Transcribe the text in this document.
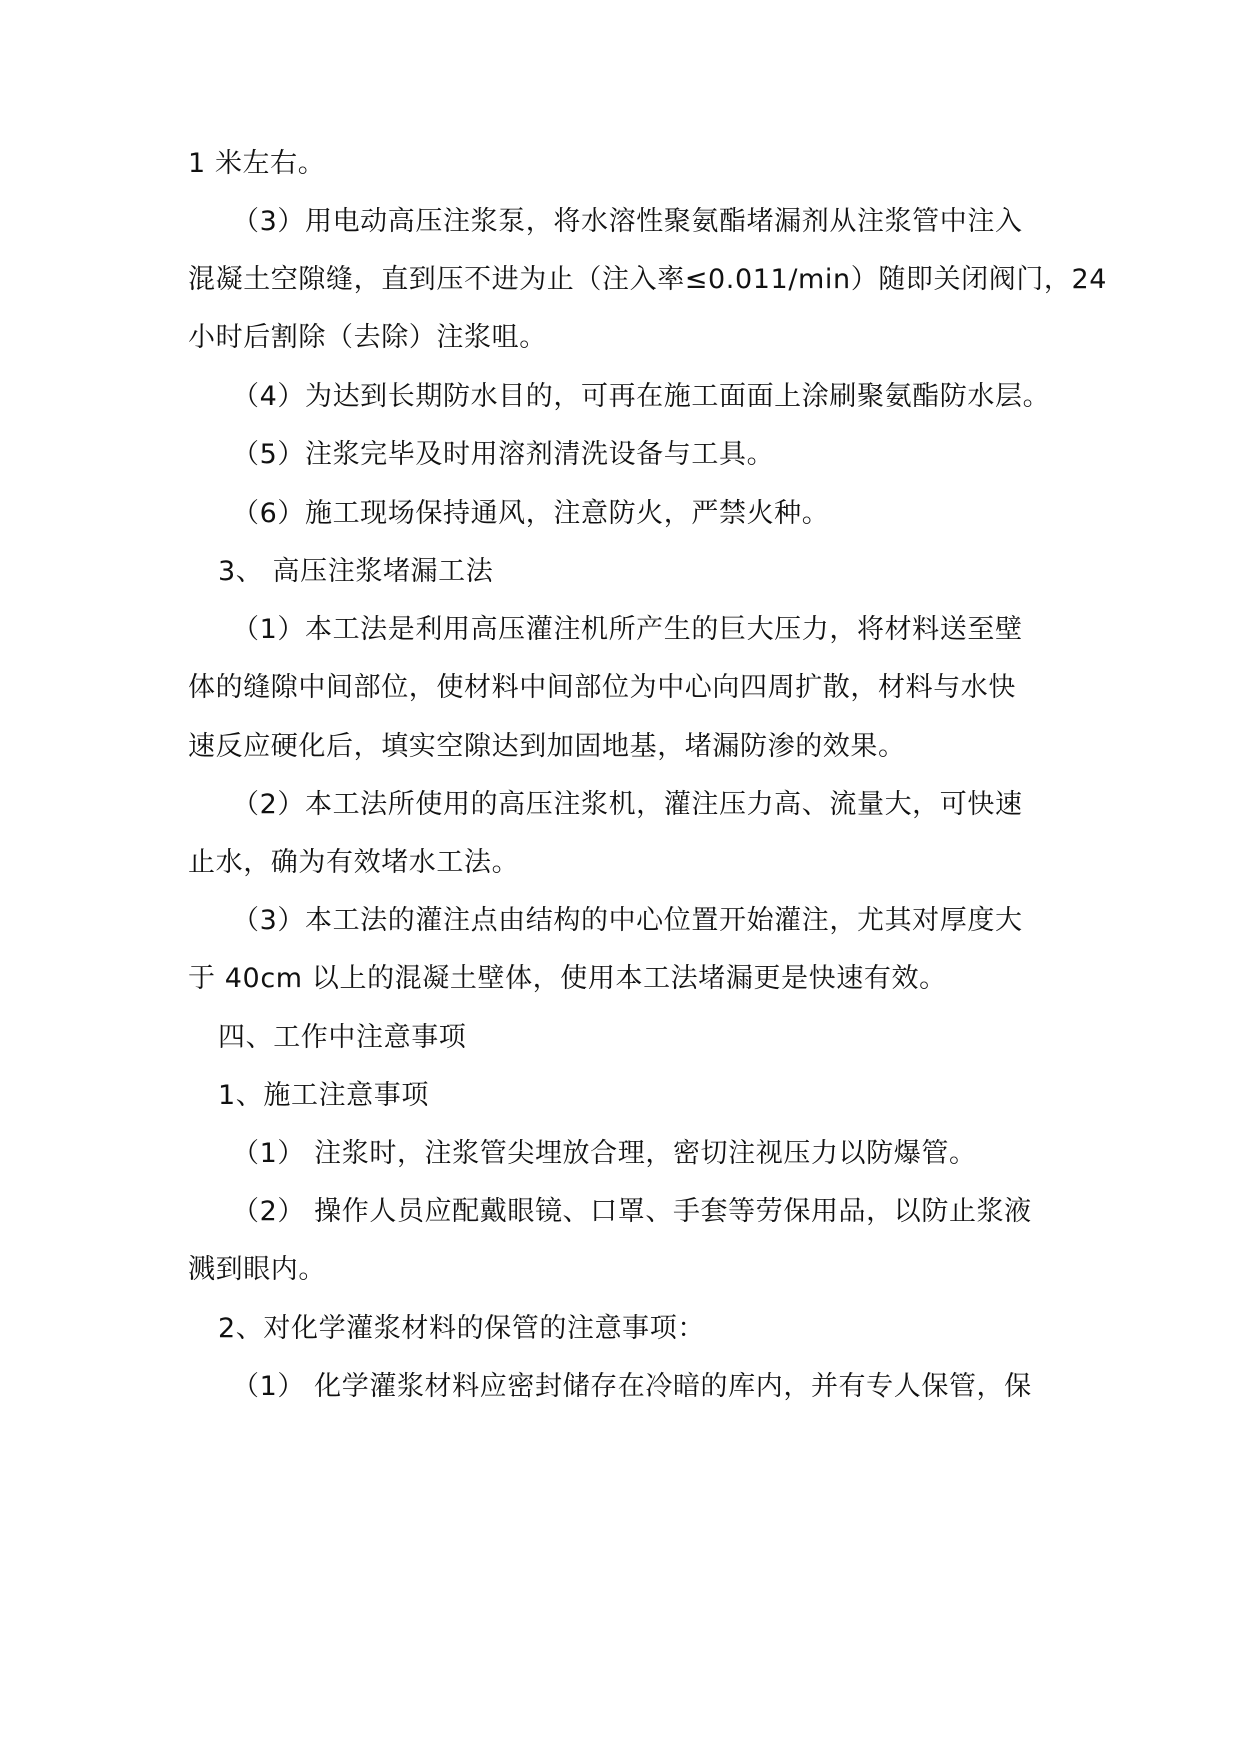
1 米左右。
（3）用电动高压注浆泵，将水溶性聚氨酯堵漏剂从注浆管中注入
混凝土空隙缝，直到压不进为止（注入率≤0.011/min）随即关闭阀门，24
小时后割除（去除）注浆咀。
（4）为达到长期防水目的，可再在施工面面上涂刷聚氨酯防水层。
（5）注浆完毕及时用溶剂清洗设备与工具。
（6）施工现场保持通风，注意防火，严禁火种。
3、 高压注浆堵漏工法
（1）本工法是利用高压灌注机所产生的巨大压力，将材料送至壁
体的缝隙中间部位，使材料中间部位为中心向四周扩散，材料与水快
速反应硬化后，填实空隙达到加固地基，堵漏防渗的效果。
（2）本工法所使用的高压注浆机，灌注压力高、流量大，可快速
止水，确为有效堵水工法。
（3）本工法的灌注点由结构的中心位置开始灌注，尤其对厚度大
于 40cm 以上的混凝土壁体，使用本工法堵漏更是快速有效。
四、工作中注意事项
1、施工注意事项
（1） 注浆时，注浆管尖埋放合理，密切注视压力以防爆管。
（2） 操作人员应配戴眼镜、口罩、手套等劳保用品，以防止浆液
溅到眼内。
2、对化学灌浆材料的保管的注意事项：
（1） 化学灌浆材料应密封储存在冷暗的库内，并有专人保管，保
